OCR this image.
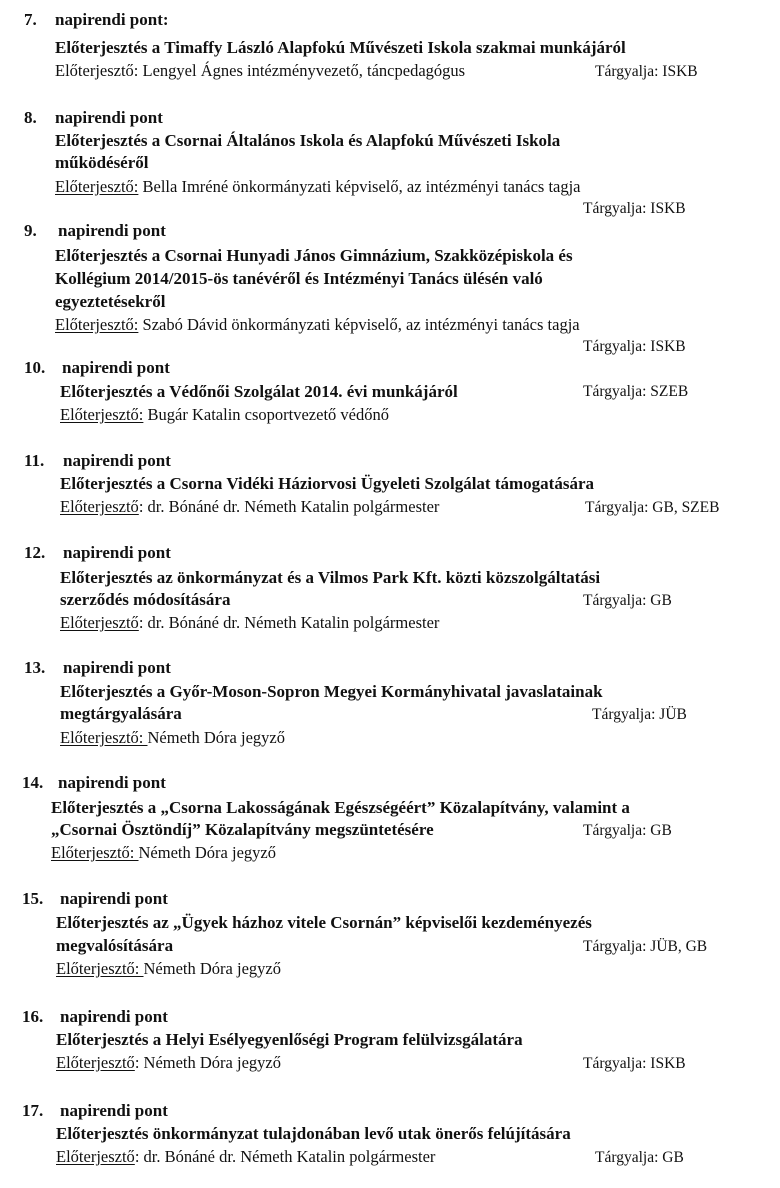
7. napirendi pont:
Előterjesztés a Timaffy László Alapfokú Művészeti Iskola szakmai munkájáról
Előterjesztő: Lengyel Ágnes intézményvezető, táncpedagógus	Tárgyalja: ISKB
8. napirendi pont
Előterjesztés a Csornai Általános Iskola és Alapfokú Művészeti Iskola
működéséről
Előterjesztő: Bella Imréné önkormányzati képviselő, az intézményi tanács tagja
Tárgyalja: ISKB
9. napirendi pont
Előterjesztés a Csornai Hunyadi János Gimnázium, Szakközépiskola és
Kollégium 2014/2015-ös tanévéről és Intézményi Tanács ülésén való
egyeztetésekről
Előterjesztő: Szabó Dávid önkormányzati képviselő, az intézményi tanács tagja
Tárgyalja: ISKB
10. napirendi pont
Előterjesztés a Védőnői Szolgálat 2014. évi munkájáról
Előterjesztő: Bugár Katalin csoportvezető védőnő
Tárgyalja: SZEB
11. napirendi pont
Előterjesztés a Csorna Vidéki Háziorvosi Ügyeleti Szolgálat támogatására
Előterjesztő: dr. Bónáné dr. Németh Katalin polgármester	Tárgyalja: GB, SZEB
12. napirendi pont
Előterjesztés az önkormányzat és a Vilmos Park Kft. közti közszolgáltatási
szerződés módosítására
Előterjesztő: dr. Bónáné dr. Németh Katalin polgármester
Tárgyalja: GB
13. napirendi pont
Előterjesztés a Győr-Moson-Sopron Megyei Kormányhivatal javaslatainak
megtárgyalására
Előterjesztő: Németh Dóra jegyző
Tárgyalja: JÜB
14. napirendi pont
Előterjesztés a „Csorna Lakosságának Egészségéért” Közalapítvány, valamint a
„Csornai Ösztöndíj” Közalapítvány megszüntetésére
Előterjesztő: Németh Dóra jegyző
Tárgyalja: GB
15. napirendi pont
Előterjesztés az „Ügyek házhoz vitele Csornán” képviselői kezdeményezés
megvalósítására
Előterjesztő: Németh Dóra jegyző
Tárgyalja: JÜB, GB
16. napirendi pont
Előterjesztés a Helyi Esélyegyenlőségi Program felülvizsgálatára
Előterjesztő: Németh Dóra jegyző	Tárgyalja: ISKB
17. napirendi pont
Előterjesztés önkormányzat tulajdonában levő utak önerős felújítására
Előterjesztő: dr. Bónáné dr. Németh Katalin polgármester	Tárgyalja: GB
